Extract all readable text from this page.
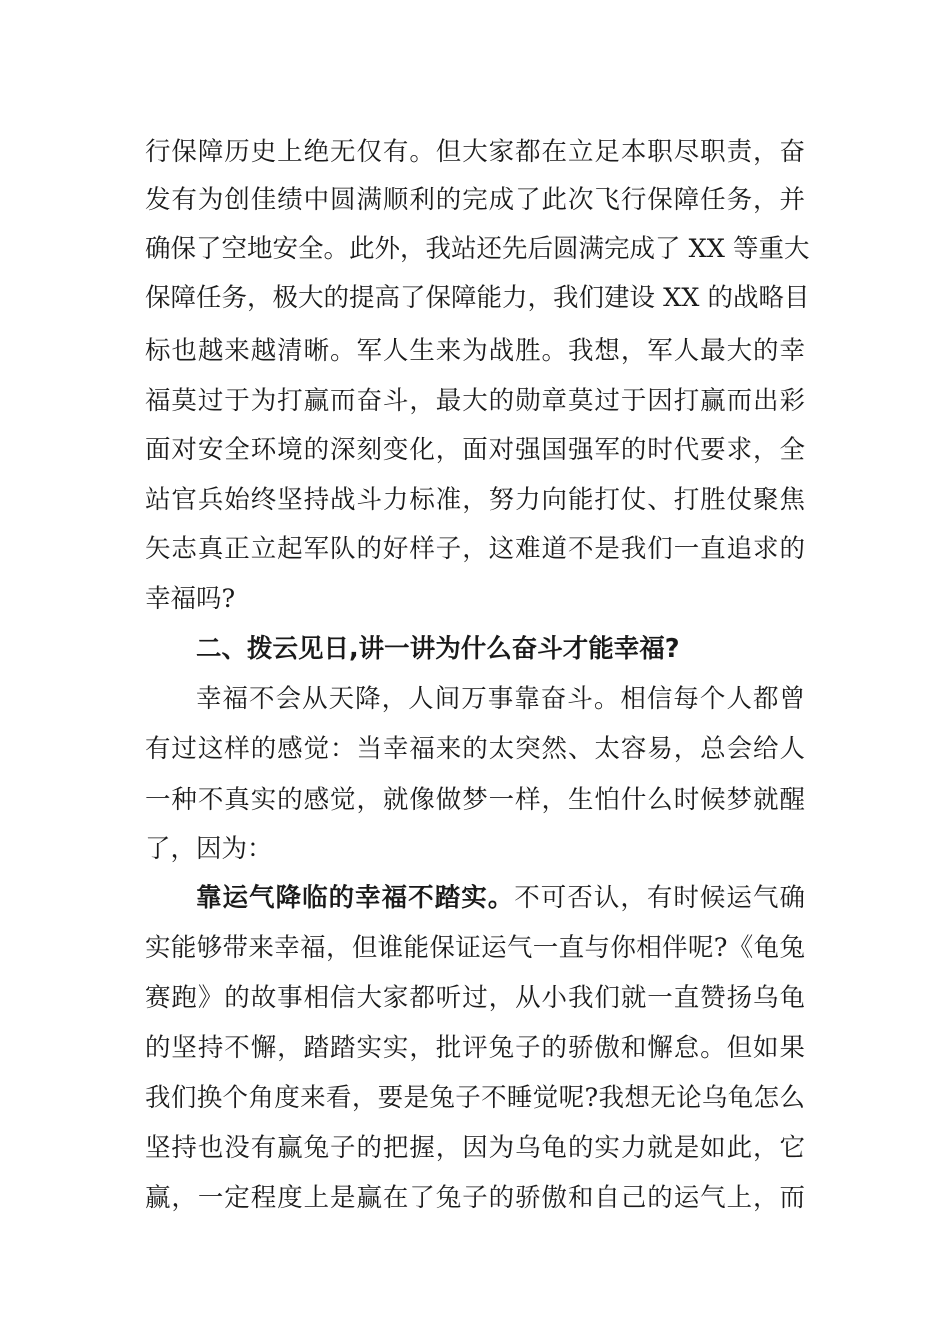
行保障历史上绝无仅有。但大家都在立足本职尽职责，奋
发有为创佳绩中圆满顺利的完成了此次飞行保障任务，并
确保了空地安全。此外，我站还先后圆满完成了 XX 等重大
保障任务，极大的提高了保障能力，我们建设 XX 的战略目
标也越来越清晰。军人生来为战胜。我想，军人最大的幸
福莫过于为打赢而奋斗，最大的勋章莫过于因打赢而出彩
面对安全环境的深刻变化，面对强国强军的时代要求，全
站官兵始终坚持战斗力标准，努力向能打仗、打胜仗聚焦
矢志真正立起军队的好样子，这难道不是我们一直追求的
幸福吗?
二、拨云见日,讲一讲为什么奋斗才能幸福?
幸福不会从天降，人间万事靠奋斗。相信每个人都曾
有过这样的感觉：当幸福来的太突然、太容易，总会给人
一种不真实的感觉，就像做梦一样，生怕什么时候梦就醒
了，因为：
靠运气降临的幸福不踏实。不可否认，有时候运气确
实能够带来幸福，但谁能保证运气一直与你相伴呢?《龟兔
赛跑》的故事相信大家都听过，从小我们就一直赞扬乌龟
的坚持不懈，踏踏实实，批评兔子的骄傲和懈怠。但如果
我们换个角度来看，要是兔子不睡觉呢?我想无论乌龟怎么
坚持也没有赢兔子的把握，因为乌龟的实力就是如此，它
赢，一定程度上是赢在了兔子的骄傲和自己的运气上，而
